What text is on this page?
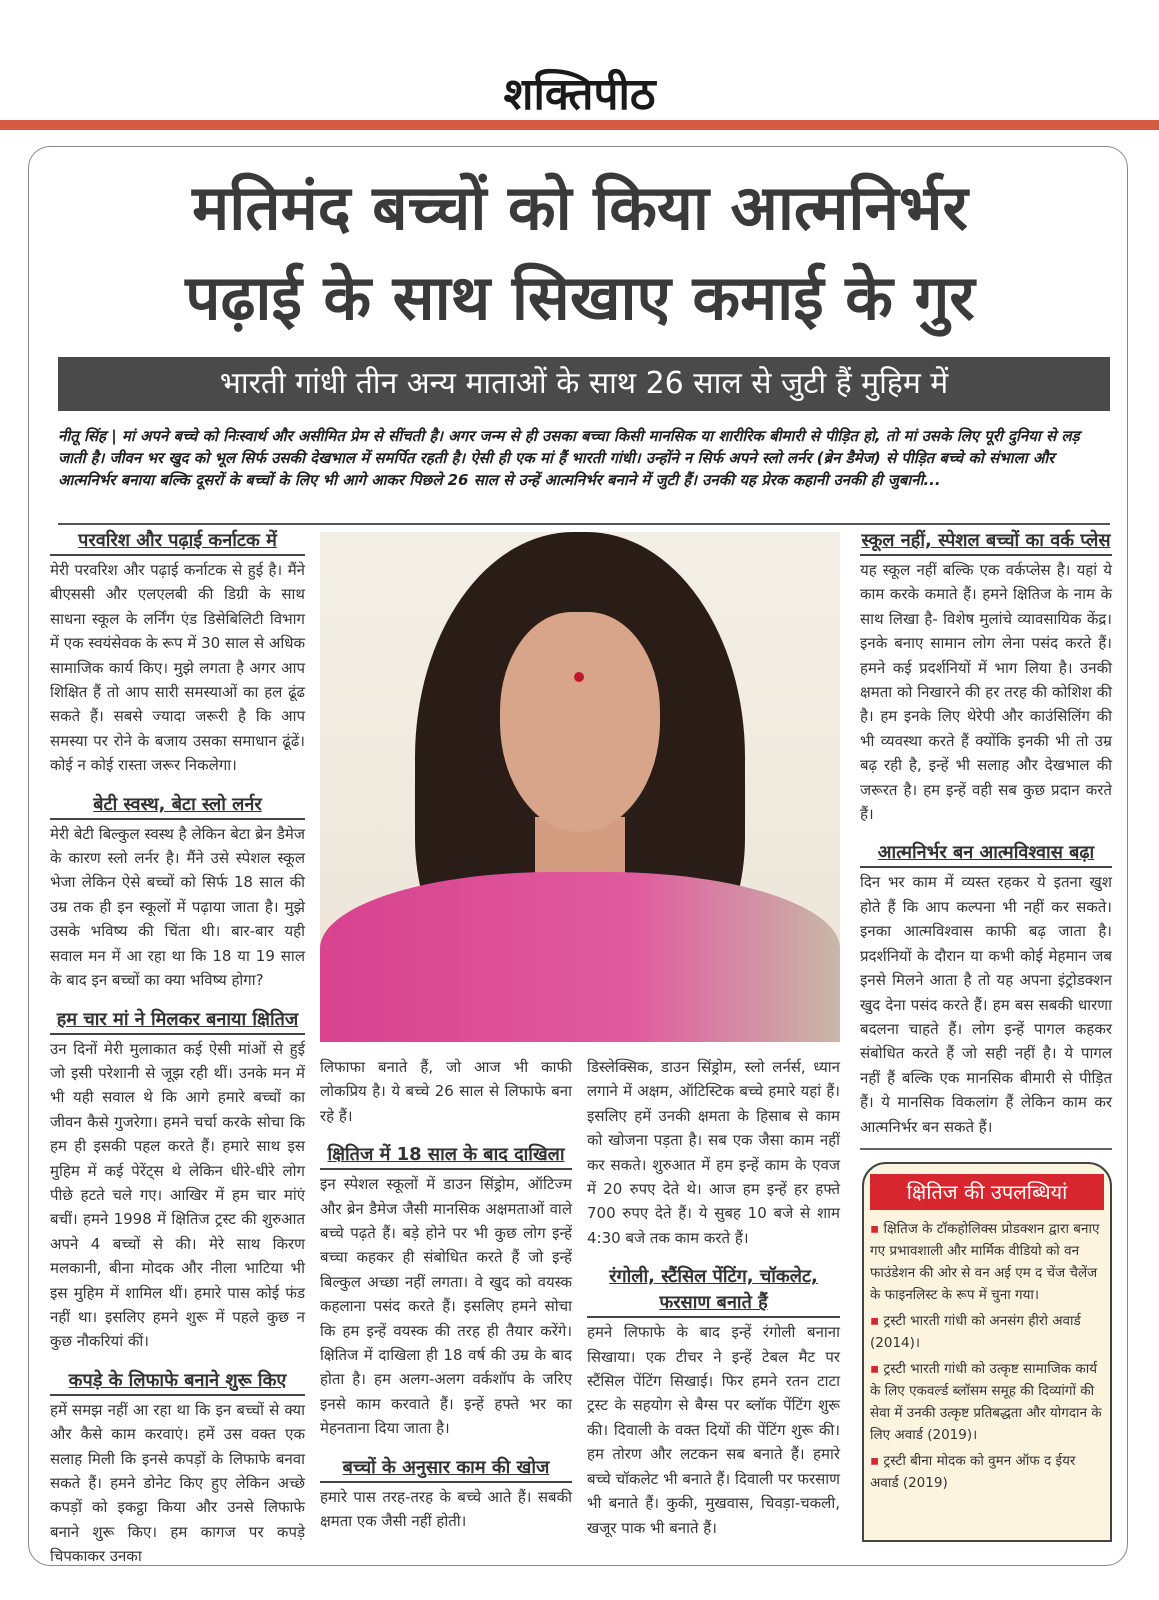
शक्तिपीठ
मतिमंद बच्चों को किया आत्मनिर्भर
पढ़ाई के साथ सिखाए कमाई के गुर
भारती गांधी तीन अन्य माताओं के साथ 26 साल से जुटी हैं मुहिम में
नीतू सिंह | मां अपने बच्चे को निःस्वार्थ और असीमित प्रेम से सींचती है। अगर जन्म से ही उसका बच्चा किसी मानसिक या शारीरिक बीमारी से पीड़ित हो, तो मां उसके लिए पूरी दुनिया से लड़ जाती है। जीवन भर खुद को भूल सिर्फ उसकी देखभाल में समर्पित रहती है। ऐसी ही एक मां हैं भारती गांधी। उन्होंने न सिर्फ अपने स्लो लर्नर (ब्रेन डैमेज) से पीड़ित बच्चे को संभाला और आत्मनिर्भर बनाया बल्कि दूसरों के बच्चों के लिए भी आगे आकर पिछले 26 साल से उन्हें आत्मनिर्भर बनाने में जुटी हैं। उनकी यह प्रेरक कहानी उनकी ही जुबानी...
परवरिश और पढ़ाई कर्नाटक में
मेरी परवरिश और पढ़ाई कर्नाटक से हुई है। मैंने बीएससी और एलएलबी की डिग्री के साथ साधना स्कूल के लर्निंग एंड डिसेबिलिटी विभाग में एक स्वयंसेवक के रूप में 30 साल से अधिक सामाजिक कार्य किए। मुझे लगता है अगर आप शिक्षित हैं तो आप सारी समस्याओं का हल ढूंढ सकते हैं। सबसे ज्यादा जरूरी है कि आप समस्या पर रोने के बजाय उसका समाधान ढूंढें। कोई न कोई रास्ता जरूर निकलेगा।
बेटी स्वस्थ, बेटा स्लो लर्नर
मेरी बेटी बिल्कुल स्वस्थ है लेकिन बेटा ब्रेन डैमेज के कारण स्लो लर्नर है। मैंने उसे स्पेशल स्कूल भेजा लेकिन ऐसे बच्चों को सिर्फ 18 साल की उम्र तक ही इन स्कूलों में पढ़ाया जाता है। मुझे उसके भविष्य की चिंता थी। बार-बार यही सवाल मन में आ रहा था कि 18 या 19 साल के बाद इन बच्चों का क्या भविष्य होगा?
हम चार मां ने मिलकर बनाया क्षितिज
उन दिनों मेरी मुलाकात कई ऐसी मांओं से हुई जो इसी परेशानी से जूझ रही थीं। उनके मन में भी यही सवाल थे कि आगे हमारे बच्चों का जीवन कैसे गुजरेगा। हमने चर्चा करके सोचा कि हम ही इसकी पहल करते हैं। हमारे साथ इस मुहिम में कई पेरेंट्स थे लेकिन धीरे-धीरे लोग पीछे हटते चले गए। आखिर में हम चार मांएं बचीं। हमने 1998 में क्षितिज ट्रस्ट की शुरुआत अपने 4 बच्चों से की। मेरे साथ किरण मलकानी, बीना मोदक और नीला भाटिया भी इस मुहिम में शामिल थीं। हमारे पास कोई फंड नहीं था। इसलिए हमने शुरू में पहले कुछ न कुछ नौकरियां कीं।
कपड़े के लिफाफे बनाने शुरू किए
हमें समझ नहीं आ रहा था कि इन बच्चों से क्या और कैसे काम करवाएं। हमें उस वक्त एक सलाह मिली कि इनसे कपड़ों के लिफाफे बनवा सकते हैं। हमने डोनेट किए हुए लेकिन अच्छे कपड़ों को इकट्ठा किया और उनसे लिफाफे बनाने शुरू किए। हम कागज पर कपड़े चिपकाकर उनका
लिफाफा बनाते हैं, जो आज भी काफी लोकप्रिय है। ये बच्चे 26 साल से लिफाफे बना रहे हैं।
क्षितिज में 18 साल के बाद दाखिला
इन स्पेशल स्कूलों में डाउन सिंड्रोम, ऑटिज्म और ब्रेन डैमेज जैसी मानसिक अक्षमताओं वाले बच्चे पढ़ते हैं। बड़े होने पर भी कुछ लोग इन्हें बच्चा कहकर ही संबोधित करते हैं जो इन्हें बिल्कुल अच्छा नहीं लगता। वे खुद को वयस्क कहलाना पसंद करते हैं। इसलिए हमने सोचा कि हम इन्हें वयस्क की तरह ही तैयार करेंगे। क्षितिज में दाखिला ही 18 वर्ष की उम्र के बाद होता है। हम अलग-अलग वर्कशॉप के जरिए इनसे काम करवाते हैं। इन्हें हफ्ते भर का मेहनताना दिया जाता है।
बच्चों के अनुसार काम की खोज
हमारे पास तरह-तरह के बच्चे आते हैं। सबकी क्षमता एक जैसी नहीं होती।
डिस्लेक्सिक, डाउन सिंड्रोम, स्लो लर्नर्स, ध्यान लगाने में अक्षम, ऑटिस्टिक बच्चे हमारे यहां हैं। इसलिए हमें उनकी क्षमता के हिसाब से काम को खोजना पड़ता है। सब एक जैसा काम नहीं कर सकते। शुरुआत में हम इन्हें काम के एवज में 20 रुपए देते थे। आज हम इन्हें हर हफ्ते 700 रुपए देते हैं। ये सुबह 10 बजे से शाम 4:30 बजे तक काम करते हैं।
रंगोली, स्टैंसिल पेंटिंग, चॉकलेट, फरसाण बनाते हैं
हमने लिफाफे के बाद इन्हें रंगोली बनाना सिखाया। एक टीचर ने इन्हें टेबल मैट पर स्टैंसिल पेंटिंग सिखाई। फिर हमने रतन टाटा ट्रस्ट के सहयोग से बैग्स पर ब्लॉक पेंटिंग शुरू की। दिवाली के वक्त दियों की पेंटिंग शुरू की। हम तोरण और लटकन सब बनाते हैं। हमारे बच्चे चॉकलेट भी बनाते हैं। दिवाली पर फरसाण भी बनाते हैं। कुकी, मुखवास, चिवड़ा-चकली, खजूर पाक भी बनाते हैं।
स्कूल नहीं, स्पेशल बच्चों का वर्क प्लेस
यह स्कूल नहीं बल्कि एक वर्कप्लेस है। यहां ये काम करके कमाते हैं। हमने क्षितिज के नाम के साथ लिखा है- विशेष मुलांचे व्यावसायिक केंद्र। इनके बनाए सामान लोग लेना पसंद करते हैं। हमने कई प्रदर्शनियों में भाग लिया है। उनकी क्षमता को निखारने की हर तरह की कोशिश की है। हम इनके लिए थेरेपी और काउंसिलिंग की भी व्यवस्था करते हैं क्योंकि इनकी भी तो उम्र बढ़ रही है, इन्हें भी सलाह और देखभाल की जरूरत है। हम इन्हें वही सब कुछ प्रदान करते हैं।
आत्मनिर्भर बन आत्मविश्वास बढ़ा
दिन भर काम में व्यस्त रहकर ये इतना खुश होते हैं कि आप कल्पना भी नहीं कर सकते। इनका आत्मविश्वास काफी बढ़ जाता है। प्रदर्शनियों के दौरान या कभी कोई मेहमान जब इनसे मिलने आता है तो यह अपना इंट्रोडक्शन खुद देना पसंद करते हैं। हम बस सबकी धारणा बदलना चाहते हैं। लोग इन्हें पागल कहकर संबोधित करते हैं जो सही नहीं है। ये पागल नहीं हैं बल्कि एक मानसिक बीमारी से पीड़ित हैं। ये मानसिक विकलांग हैं लेकिन काम कर आत्मनिर्भर बन सकते हैं।
क्षितिज की उपलब्धियां
▪ क्षितिज के टॉकहोलिक्स प्रोडक्शन द्वारा बनाए गए प्रभावशाली और मार्मिक वीडियो को वन फाउंडेशन की ओर से वन अई एम द चेंज चैलेंज के फाइनलिस्ट के रूप में चुना गया।
▪ ट्रस्टी भारती गांधी को अनसंग हीरो अवार्ड (2014)।
▪ ट्रस्टी भारती गांधी को उत्कृष्ट सामाजिक कार्य के लिए एकवर्ल्ड ब्लॉसम समूह की दिव्यांगों की सेवा में उनकी उत्कृष्ट प्रतिबद्धता और योगदान के लिए अवार्ड (2019)।
▪ ट्रस्टी बीना मोदक को वुमन ऑफ द ईयर अवार्ड (2019)
